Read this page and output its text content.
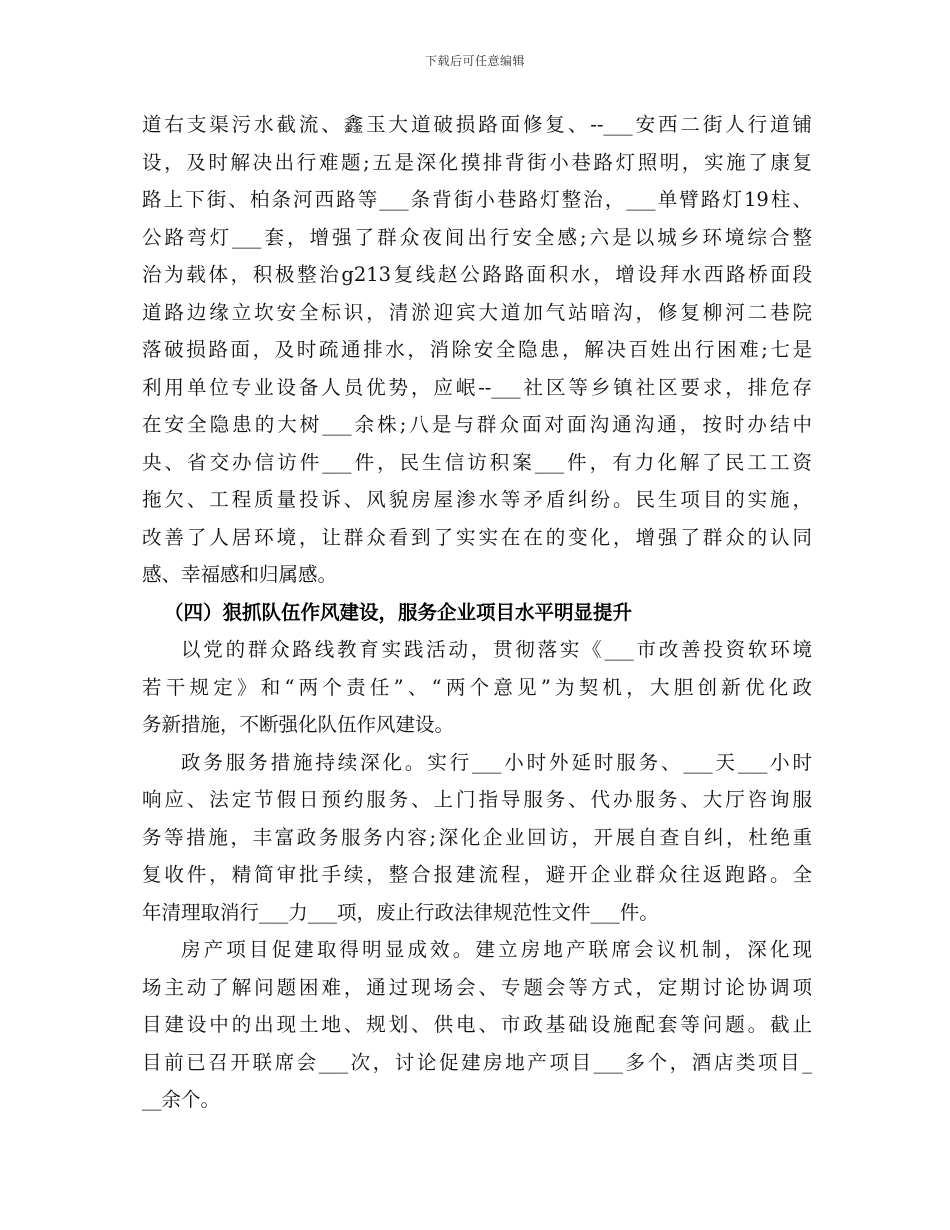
下载后可任意编辑
道右支渠污水截流、鑫玉大道破损路面修复、--___安西二街人行道铺
设，及时解决出行难题;五是深化摸排背街小巷路灯照明，实施了康复
路上下街、柏条河西路等___条背街小巷路灯整治，___单臂路灯19柱、
公路弯灯___套，增强了群众夜间出行安全感;六是以城乡环境综合整
治为载体，积极整治g213复线赵公路路面积水，增设拜水西路桥面段
道路边缘立坎安全标识，清淤迎宾大道加气站暗沟，修复柳河二巷院
落破损路面，及时疏通排水，消除安全隐患，解决百姓出行困难;七是
利用单位专业设备人员优势，应岷--___社区等乡镇社区要求，排危存
在安全隐患的大树___余株;八是与群众面对面沟通沟通，按时办结中
央、省交办信访件___件，民生信访积案___件，有力化解了民工工资
拖欠、工程质量投诉、风貌房屋渗水等矛盾纠纷。民生项目的实施，
改善了人居环境，让群众看到了实实在在的变化，增强了群众的认同
感、幸福感和归属感。
（四）狠抓队伍作风建设，服务企业项目水平明显提升
以党的群众路线教育实践活动，贯彻落实《___市改善投资软环境
若干规定》和“两个责任”、“两个意见”为契机，大胆创新优化政
务新措施，不断强化队伍作风建设。
政务服务措施持续深化。实行___小时外延时服务、___天___小时
响应、法定节假日预约服务、上门指导服务、代办服务、大厅咨询服
务等措施，丰富政务服务内容;深化企业回访，开展自查自纠，杜绝重
复收件，精简审批手续，整合报建流程，避开企业群众往返跑路。全
年清理取消行___力___项，废止行政法律规范性文件___件。
房产项目促建取得明显成效。建立房地产联席会议机制，深化现
场主动了解问题困难，通过现场会、专题会等方式，定期讨论协调项
目建设中的出现土地、规划、供电、市政基础设施配套等问题。截止
目前已召开联席会___次，讨论促建房地产项目___多个，酒店类项目_
__余个。
